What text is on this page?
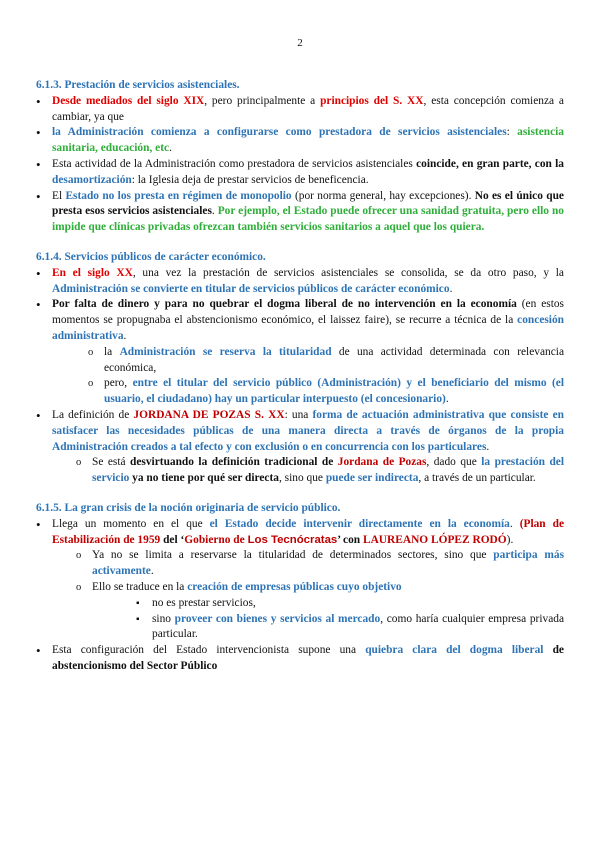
2

6.1.3. Prestación de servicios asistenciales.

• Desde mediados del siglo XIX, pero principalmente a principios del S. XX, esta concepción comienza a cambiar, ya que
• la Administración comienza a configurarse como prestadora de servicios asistenciales: asistencia sanitaria, educación, etc.
• Esta actividad de la Administración como prestadora de servicios asistenciales coincide, en gran parte, con la desamortización: la Iglesia deja de prestar servicios de beneficencia.
• El Estado no los presta en régimen de monopolio (por norma general, hay excepciones). No es el único que presta esos servicios asistenciales. Por ejemplo, el Estado puede ofrecer una sanidad gratuita, pero ello no impide que clínicas privadas ofrezcan también servicios sanitarios a aquel que los quiera.

6.1.4. Servicios públicos de carácter económico.

• En el siglo XX, una vez la prestación de servicios asistenciales se consolida, se da otro paso, y la Administración se convierte en titular de servicios públicos de carácter económico.
• Por falta de dinero y para no quebrar el dogma liberal de no intervención en la economía (en estos momentos se propugnaba el abstencionismo económico, el laissez faire), se recurre a técnica de la concesión administrativa.
o la Administración se reserva la titularidad de una actividad determinada con relevancia económica,
o pero, entre el titular del servicio público (Administración) y el beneficiario del mismo (el usuario, el ciudadano) hay un particular interpuesto (el concesionario).
• La definición de JORDANA DE POZAS S. XX: una forma de actuación administrativa que consiste en satisfacer las necesidades públicas de una manera directa a través de órganos de la propia Administración creados a tal efecto y con exclusión o en concurrencia con los particulares.
o Se está desvirtuando la definición tradicional de Jordana de Pozas, dado que la prestación del servicio ya no tiene por qué ser directa, sino que puede ser indirecta, a través de un particular.

6.1.5. La gran crisis de la noción originaria de servicio público.

• Llega un momento en el que el Estado decide intervenir directamente en la economía. (Plan de Estabilización de 1959 del ‘Gobierno de Los Tecnócratas’ con LAUREANO LÓPEZ RODÓ).
o Ya no se limita a reservarse la titularidad de determinados sectores, sino que participa más activamente.
o Ello se traduce en la creación de empresas públicas cuyo objetivo
▪ no es prestar servicios,
▪ sino proveer con bienes y servicios al mercado, como haría cualquier empresa privada particular.
• Esta configuración del Estado intervencionista supone una quiebra clara del dogma liberal de abstencionismo del Sector Público
